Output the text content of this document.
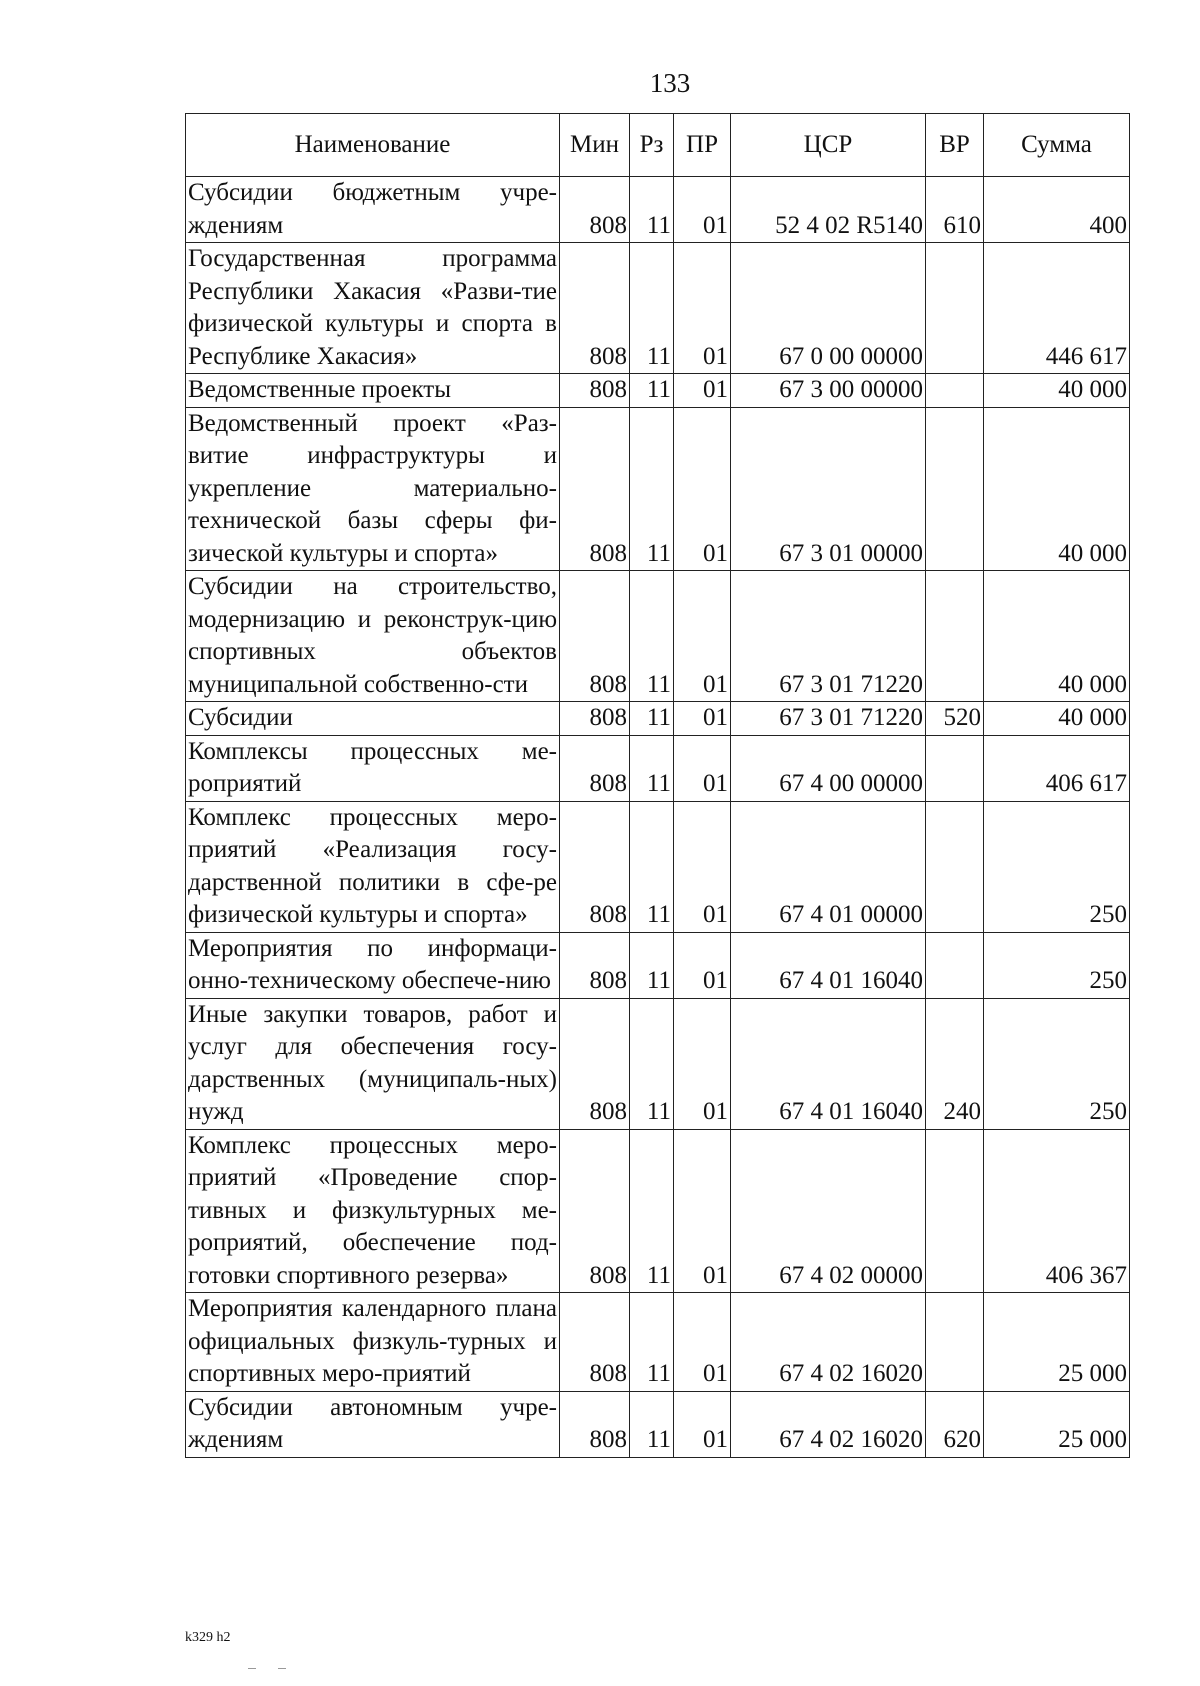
133
Наименование	Мин	Рз	ПР	ЦСР	ВР	Сумма
Субсидии бюджетным учре-ждениям	808	11	01	52 4 02 R5140	610	400
Государственная программа Республики Хакасия «Разви-тие физической культуры и спорта в Республике Хакасия»	808	11	01	67 0 00 00000		446 617
Ведомственные проекты	808	11	01	67 3 00 00000		40 000
Ведомственный проект «Раз-витие инфраструктуры и укрепление материально-технической базы сферы фи-зической культуры и спорта»	808	11	01	67 3 01 00000		40 000
Субсидии на строительство, модернизацию и реконструк-цию спортивных объектов муниципальной собственно-сти	808	11	01	67 3 01 71220		40 000
Субсидии	808	11	01	67 3 01 71220	520	40 000
Комплексы процессных ме-роприятий	808	11	01	67 4 00 00000		406 617
Комплекс процессных меро-приятий «Реализация госу-дарственной политики в сфе-ре физической культуры и спорта»	808	11	01	67 4 01 00000		250
Мероприятия по информаци-онно-техническому обеспече-нию	808	11	01	67 4 01 16040		250
Иные закупки товаров, работ и услуг для обеспечения госу-дарственных (муниципаль-ных) нужд	808	11	01	67 4 01 16040	240	250
Комплекс процессных меро-приятий «Проведение спор-тивных и физкультурных ме-роприятий, обеспечение под-готовки спортивного резерва»	808	11	01	67 4 02 00000		406 367
Мероприятия календарного плана официальных физкуль-турных и спортивных меро-приятий	808	11	01	67 4 02 16020		25 000
Субсидии автономным учре-ждениям	808	11	01	67 4 02 16020	620	25 000
k329 h2
